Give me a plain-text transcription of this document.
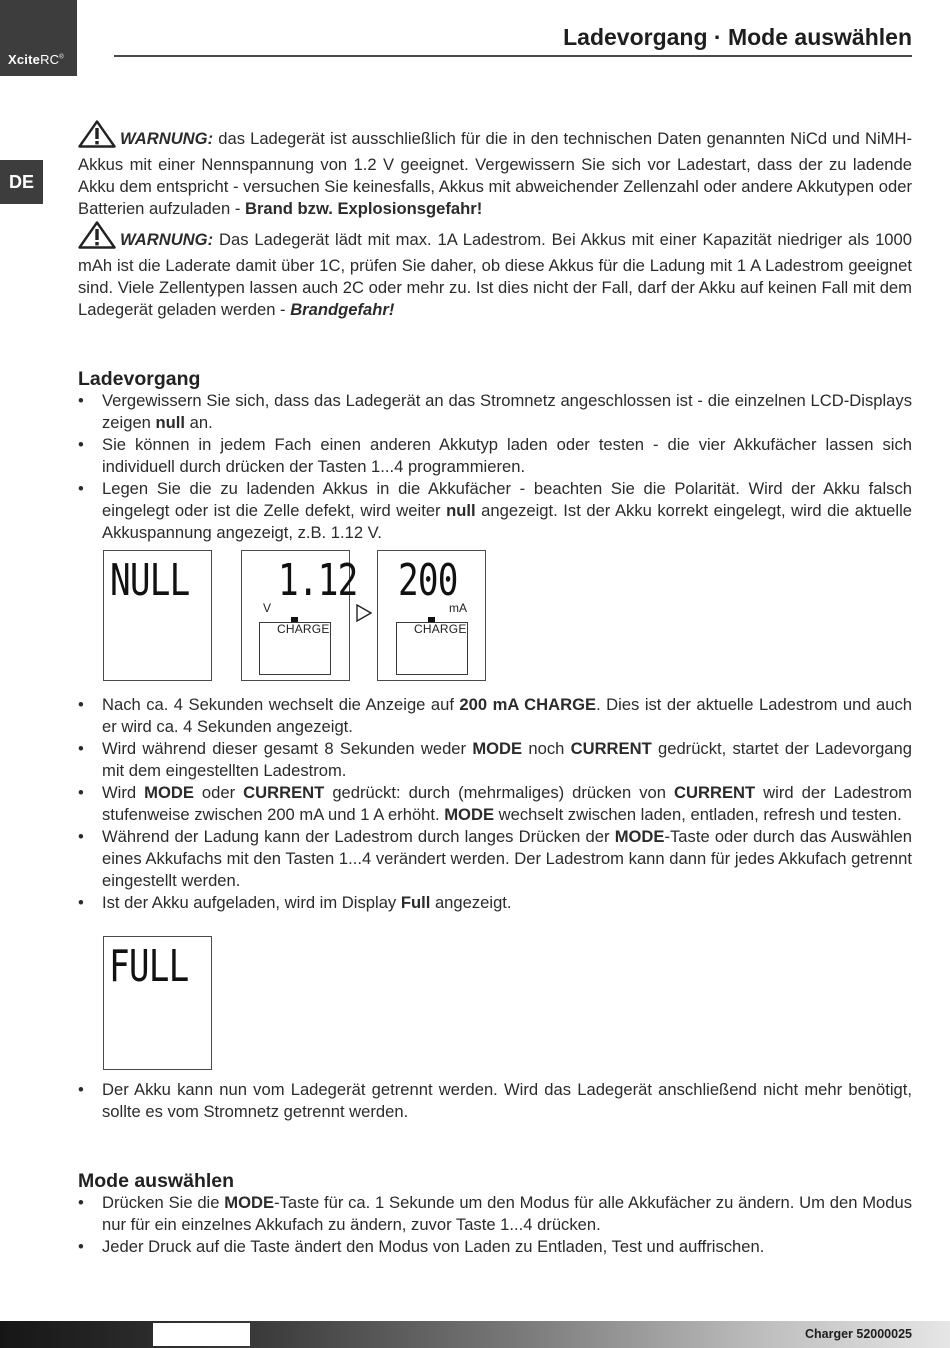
XciteRC®
Ladevorgang · Mode auswählen
DE
WARNUNG: das Ladegerät ist ausschließlich für die in den technischen Daten genannten NiCd und NiMH-Akkus mit einer Nennspannung von 1.2 V geeignet. Vergewissern Sie sich vor Ladestart, dass der zu ladende Akku dem entspricht - versuchen Sie keinesfalls, Akkus mit abweichender Zellenzahl oder andere Akkutypen oder Batterien aufzuladen - Brand bzw. Explosionsgefahr!
WARNUNG: Das Ladegerät lädt mit max. 1A Ladestrom. Bei Akkus mit einer Kapazität niedriger als 1000 mAh ist die Laderate damit über 1C, prüfen Sie daher, ob diese Akkus für die Ladung mit 1 A Ladestrom geeignet sind. Viele Zellentypen lassen auch 2C oder mehr zu. Ist dies nicht der Fall, darf der Akku auf keinen Fall mit dem Ladegerät geladen werden - Brandgefahr!
Ladevorgang
• Vergewissern Sie sich, dass das Ladegerät an das Stromnetz angeschlossen ist - die einzelnen LCD-Displays zeigen null an.
• Sie können in jedem Fach einen anderen Akkutyp laden oder testen - die vier Akkufächer lassen sich individuell durch drücken der Tasten 1...4 programmieren.
• Legen Sie die zu ladenden Akkus in die Akkufächer - beachten Sie die Polarität. Wird der Akku falsch eingelegt oder ist die Zelle defekt, wird weiter null angezeigt. Ist der Akku korrekt eingelegt, wird die aktuelle Akkuspannung angezeigt, z.B. 1.12 V.
NULL 1.12
V
CHARGE
200
mA
CHARGE
• Nach ca. 4 Sekunden wechselt die Anzeige auf 200 mA CHARGE. Dies ist der aktuelle Ladestrom und auch er wird ca. 4 Sekunden angezeigt.
• Wird während dieser gesamt 8 Sekunden weder MODE noch CURRENT gedrückt, startet der Ladevorgang mit dem eingestellten Ladestrom.
• Wird MODE oder CURRENT gedrückt: durch (mehrmaliges) drücken von CURRENT wird der Ladestrom stufenweise zwischen 200 mA und 1 A erhöht. MODE wechselt zwischen laden, entladen, refresh und testen.
• Während der Ladung kann der Ladestrom durch langes Drücken der MODE-Taste oder durch das Auswählen eines Akkufachs mit den Tasten 1...4 verändert werden. Der Ladestrom kann dann für jedes Akkufach getrennt eingestellt werden.
• Ist der Akku aufgeladen, wird im Display Full angezeigt.
FULL
• Der Akku kann nun vom Ladegerät getrennt werden. Wird das Ladegerät anschließend nicht mehr benötigt, sollte es vom Stromnetz getrennt werden.
Mode auswählen
• Drücken Sie die MODE-Taste für ca. 1 Sekunde um den Modus für alle Akkufächer zu ändern. Um den Modus nur für ein einzelnes Akkufach zu ändern, zuvor Taste 1...4 drücken.
• Jeder Druck auf die Taste ändert den Modus von Laden zu Entladen, Test und auffrischen.
Charger 52000025
